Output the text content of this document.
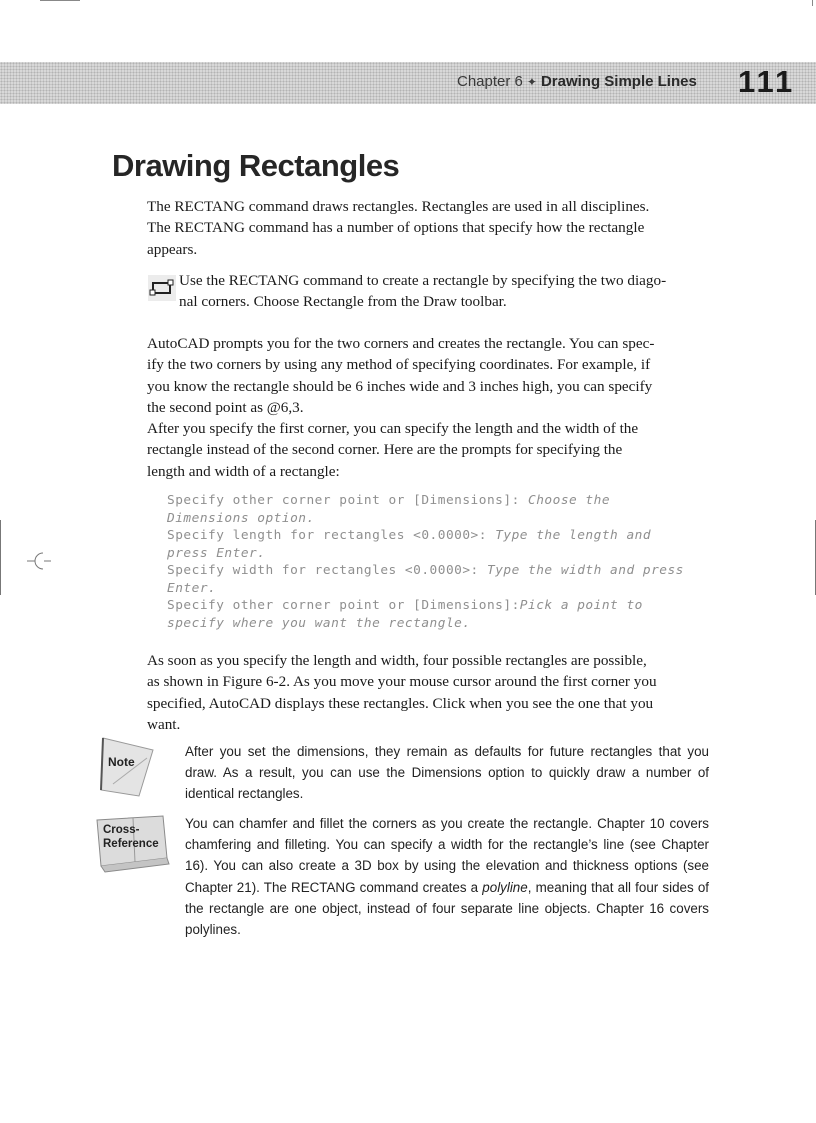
Chapter 6 ✦ Drawing Simple Lines 111
Drawing Rectangles

The RECTANG command draws rectangles. Rectangles are used in all disciplines.
The RECTANG command has a number of options that specify how the rectangle
appears.

Use the RECTANG command to create a rectangle by specifying the two diago-
nal corners. Choose Rectangle from the Draw toolbar.

AutoCAD prompts you for the two corners and creates the rectangle. You can spec-
ify the two corners by using any method of specifying coordinates. For example, if
you know the rectangle should be 6 inches wide and 3 inches high, you can specify
the second point as @6,3.

After you specify the first corner, you can specify the length and the width of the
rectangle instead of the second corner. Here are the prompts for specifying the
length and width of a rectangle:

Specify other corner point or [Dimensions]: Choose the
Dimensions option.
Specify length for rectangles <0.0000>: Type the length and
press Enter.
Specify width for rectangles <0.0000>: Type the width and press
Enter.
Specify other corner point or [Dimensions]:Pick a point to
specify where you want the rectangle.

As soon as you specify the length and width, four possible rectangles are possible,
as shown in Figure 6-2. As you move your mouse cursor around the first corner you
specified, AutoCAD displays these rectangles. Click when you see the one that you
want.

Note

After you set the dimensions, they remain as defaults for future rectangles that you draw. As a result, you can use the Dimensions option to quickly draw a number of identical rectangles.

Cross-
Reference

You can chamfer and fillet the corners as you create the rectangle. Chapter 10 covers chamfering and filleting. You can specify a width for the rectangle’s line (see Chapter 16). You can also create a 3D box by using the elevation and thickness options (see Chapter 21). The RECTANG command creates a polyline, meaning that all four sides of the rectangle are one object, instead of four separate line objects. Chapter 16 covers polylines.
